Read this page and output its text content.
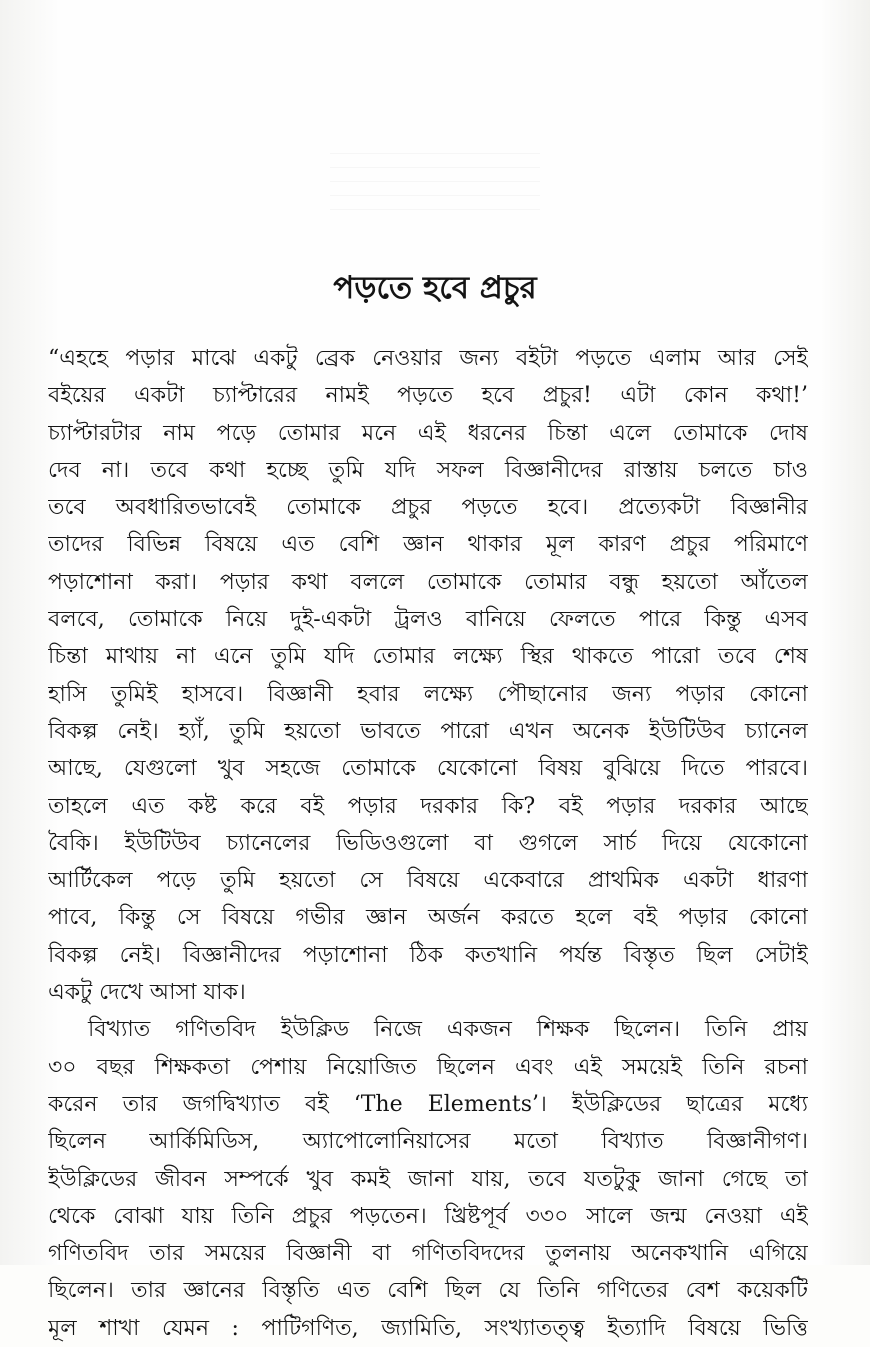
পড়তে হবে প্রচুর
“এহহে পড়ার মাঝে একটু ব্রেক নেওয়ার জন্য বইটা পড়তে এলাম আর সেই
বইয়ের একটা চ্যাপ্টারের নামই পড়তে হবে প্রচুর! এটা কোন কথা!’
চ্যাপ্টারটার নাম পড়ে তোমার মনে এই ধরনের চিন্তা এলে তোমাকে দোষ
দেব না। তবে কথা হচ্ছে তুমি যদি সফল বিজ্ঞানীদের রাস্তায় চলতে চাও
তবে অবধারিতভাবেই তোমাকে প্রচুর পড়তে হবে। প্রত্যেকটা বিজ্ঞানীর
তাদের বিভিন্ন বিষয়ে এত বেশি জ্ঞান থাকার মূল কারণ প্রচুর পরিমাণে
পড়াশোনা করা। পড়ার কথা বললে তোমাকে তোমার বন্ধু হয়তো আঁতেল
বলবে, তোমাকে নিয়ে দুই-একটা ট্রলও বানিয়ে ফেলতে পারে কিন্তু এসব
চিন্তা মাথায় না এনে তুমি যদি তোমার লক্ষ্যে স্থির থাকতে পারো তবে শেষ
হাসি তুমিই হাসবে। বিজ্ঞানী হবার লক্ষ্যে পৌছানোর জন্য পড়ার কোনো
বিকল্প নেই। হ্যাঁ, তুমি হয়তো ভাবতে পারো এখন অনেক ইউটিউব চ্যানেল
আছে, যেগুলো খুব সহজে তোমাকে যেকোনো বিষয় বুঝিয়ে দিতে পারবে।
তাহলে এত কষ্ট করে বই পড়ার দরকার কি? বই পড়ার দরকার আছে
বৈকি। ইউটিউব চ্যানেলের ভিডিওগুলো বা গুগলে সার্চ দিয়ে যেকোনো
আর্টিকেল পড়ে তুমি হয়তো সে বিষয়ে একেবারে প্রাথমিক একটা ধারণা
পাবে, কিন্তু সে বিষয়ে গভীর জ্ঞান অর্জন করতে হলে বই পড়ার কোনো
বিকল্প নেই। বিজ্ঞানীদের পড়াশোনা ঠিক কতখানি পর্যন্ত বিস্তৃত ছিল সেটাই
একটু দেখে আসা যাক।
বিখ্যাত গণিতবিদ ইউক্লিড নিজে একজন শিক্ষক ছিলেন। তিনি প্রায়
৩০ বছর শিক্ষকতা পেশায় নিয়োজিত ছিলেন এবং এই সময়েই তিনি রচনা
করেন তার জগদ্বিখ্যাত বই ‘The Elements’। ইউক্লিডের ছাত্রের মধ্যে
ছিলেন আর্কিমিডিস, অ্যাপোলোনিয়াসের মতো বিখ্যাত বিজ্ঞানীগণ।
ইউক্লিডের জীবন সম্পর্কে খুব কমই জানা যায়, তবে যতটুকু জানা গেছে তা
থেকে বোঝা যায় তিনি প্রচুর পড়তেন। খ্রিষ্টপূর্ব ৩৩০ সালে জন্ম নেওয়া এই
গণিতবিদ তার সময়ের বিজ্ঞানী বা গণিতবিদদের তুলনায় অনেকখানি এগিয়ে
ছিলেন। তার জ্ঞানের বিস্তৃতি এত বেশি ছিল যে তিনি গণিতের বেশ কয়েকটি
মূল শাখা যেমন : পাটিগণিত, জ্যামিতি, সংখ্যাতত্ত্ব ইত্যাদি বিষয়ে ভিত্তি
